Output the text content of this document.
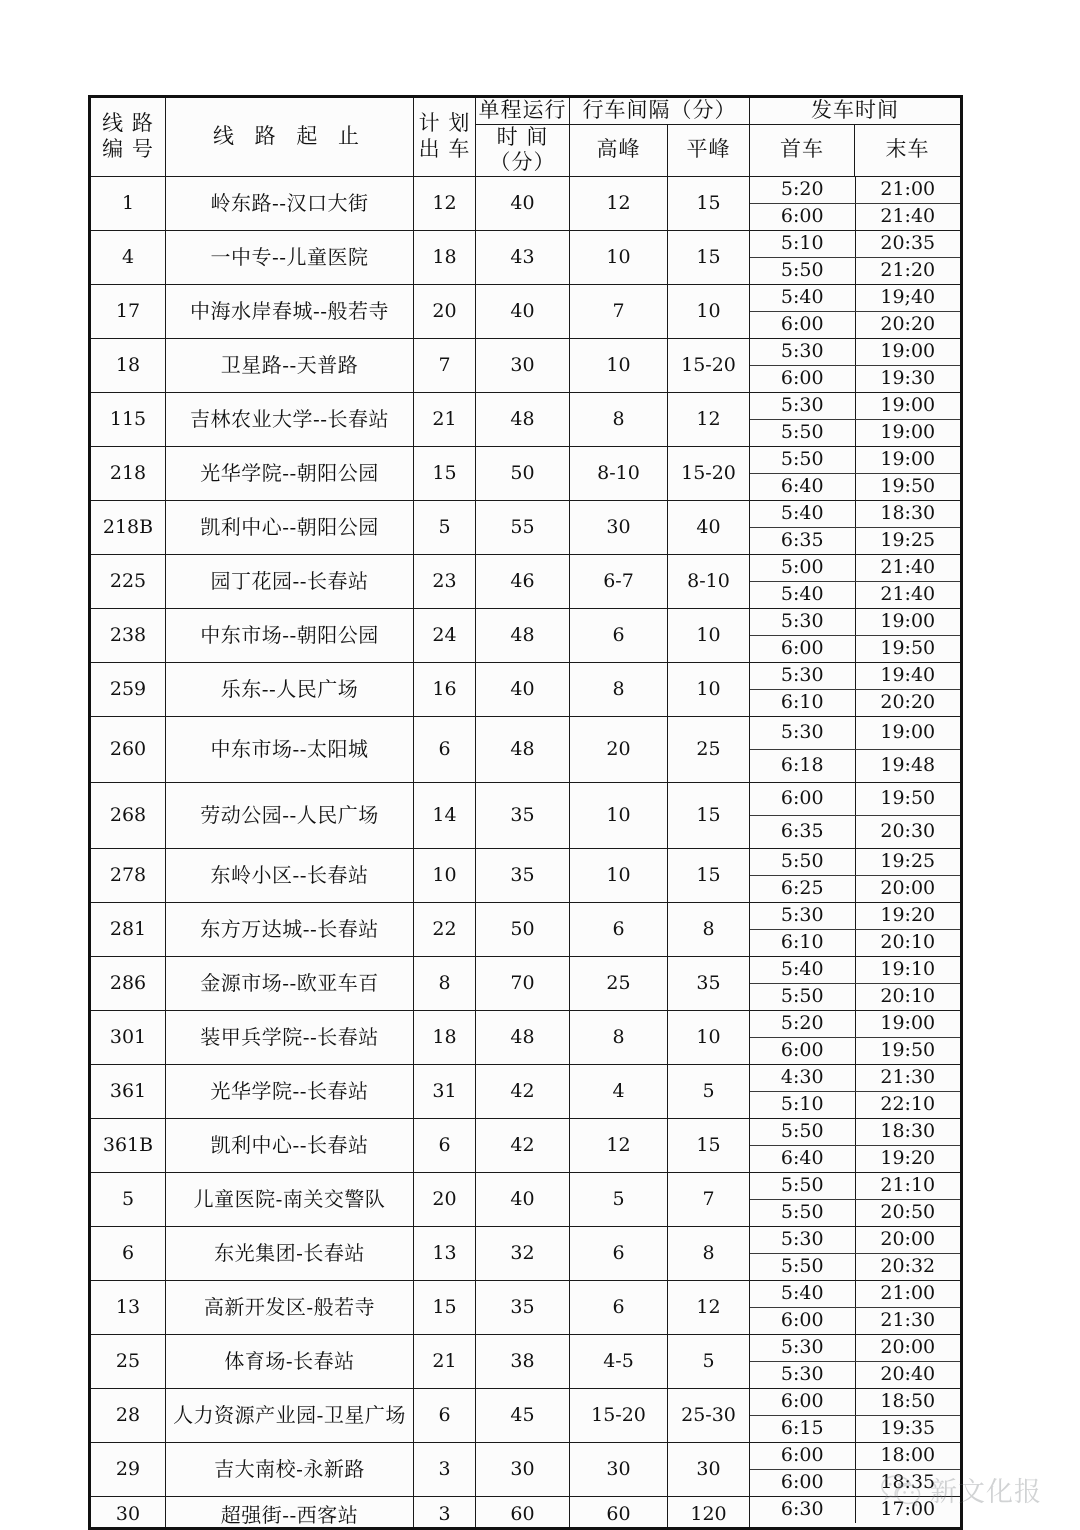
线 路
编 号
	线 路 起 止	
计 划
出 车
	单程运行	行车间隔（分）	发车时间

时 间
（分）
	高峰	平峰	首车	末车
1	岭东路--汉口大街	12	40	12	15	
5:20	21:00
6:00	21:40

4	一中专--儿童医院	18	43	10	15	
5:10	20:35
5:50	21:20

17	中海水岸春城--般若寺	20	40	7	10	
5:40	19;40
6:00	20:20

18	卫星路--天普路	7	30	10	15-20	
5:30	19:00
6:00	19:30

115	吉林农业大学--长春站	21	48	8	12	
5:30	19:00
5:50	19:00

218	光华学院--朝阳公园	15	50	8-10	15-20	
5:50	19:00
6:40	19:50

218B	凯利中心--朝阳公园	5	55	30	40	
5:40	18:30
6:35	19:25

225	园丁花园--长春站	23	46	6-7	8-10	
5:00	21:40
5:40	21:40

238	中东市场--朝阳公园	24	48	6	10	
5:30	19:00
6:00	19:50

259	乐东--人民广场	16	40	8	10	
5:30	19:40
6:10	20:20

260	中东市场--太阳城	6	48	20	25	
5:30	19:00
6:18	19:48

268	劳动公园--人民广场	14	35	10	15	
6:00	19:50
6:35	20:30

278	东岭小区--长春站	10	35	10	15	
5:50	19:25
6:25	20:00

281	东方万达城--长春站	22	50	6	8	
5:30	19:20
6:10	20:10

286	金源市场--欧亚车百	8	70	25	35	
5:40	19:10
5:50	20:10

301	装甲兵学院--长春站	18	48	8	10	
5:20	19:00
6:00	19:50

361	光华学院--长春站	31	42	4	5	
4:30	21:30
5:10	22:10

361B	凯利中心--长春站	6	42	12	15	
5:50	18:30
6:40	19:20

5	儿童医院-南关交警队	20	40	5	7	
5:50	21:10
5:50	20:50

6	东光集团-长春站	13	32	6	8	
5:30	20:00
5:50	20:32

13	高新开发区-般若寺	15	35	6	12	
5:40	21:00
6:00	21:30

25	体育场-长春站	21	38	4-5	5	
5:30	20:00
5:30	20:40

28	人力资源产业园-卫星广场	6	45	15-20	25-30	
6:00	18:50
6:15	19:35

29	吉大南校-永新路	3	30	30	30	
6:00	18:00
6:00	18:35

30	超强街--西客站	3	60	60	120
		6:30	17:00
新文化报
